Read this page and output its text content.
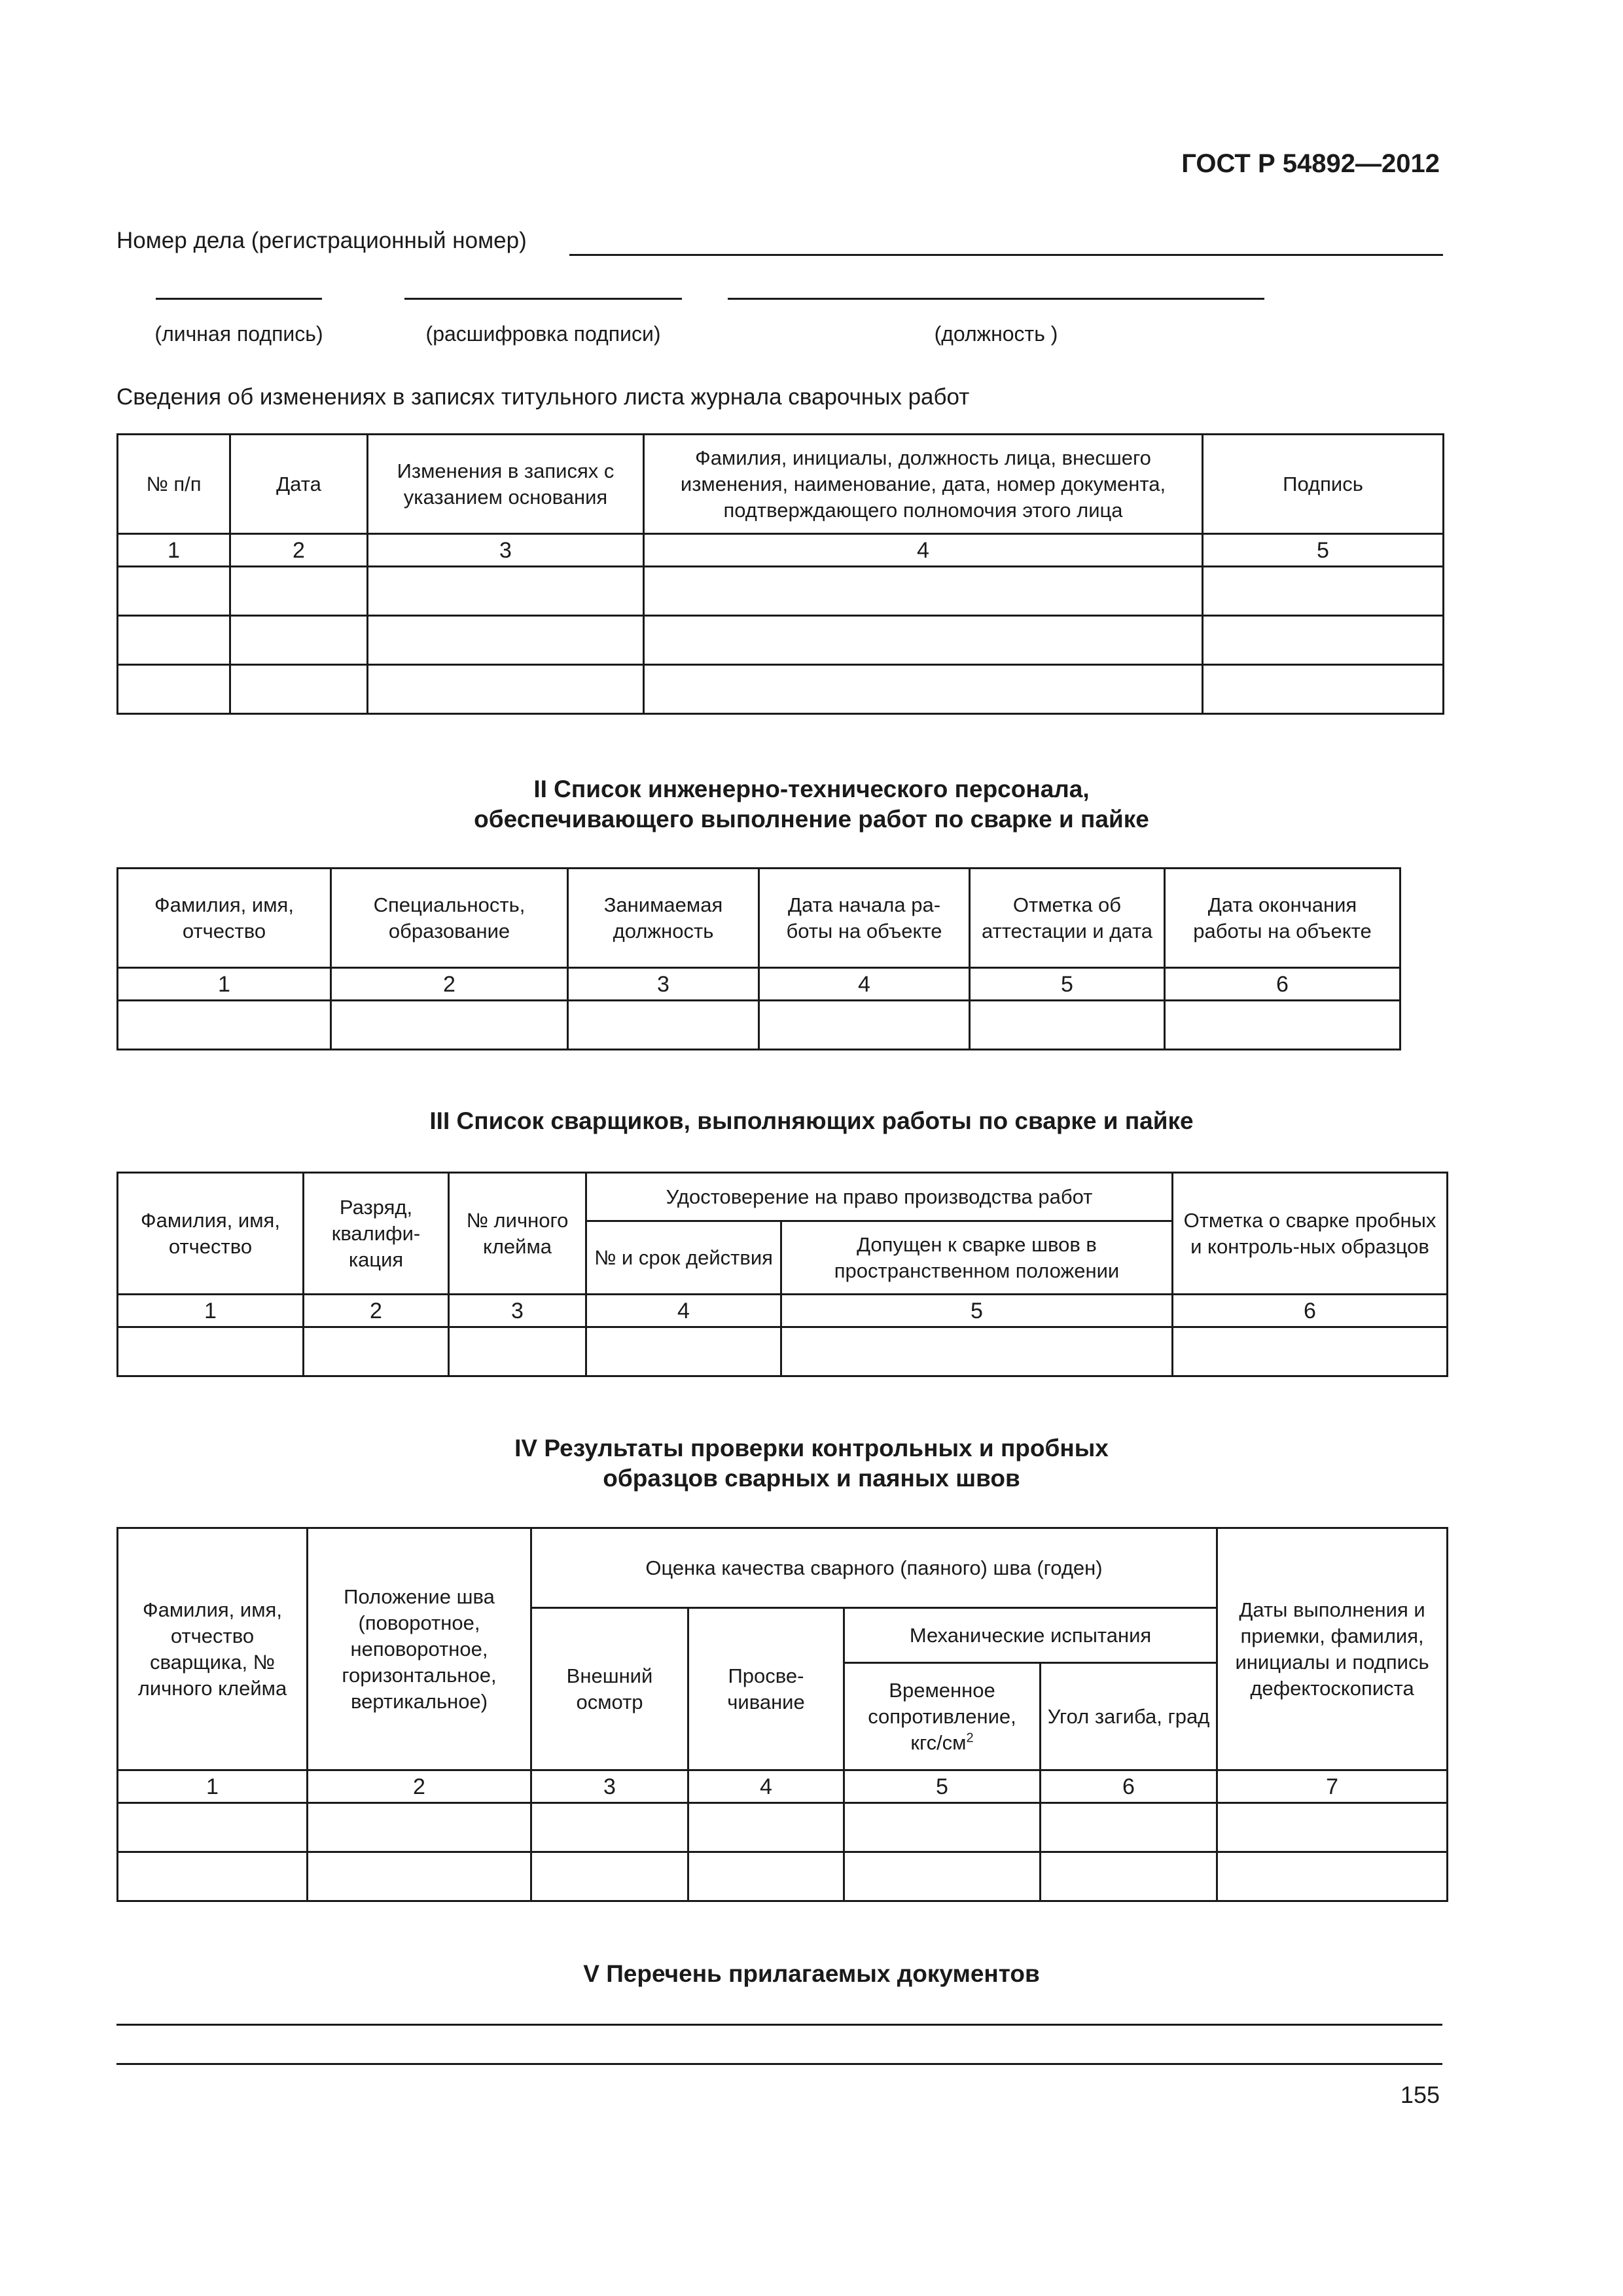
ГОСТ Р 54892—2012
Номер дела (регистрационный номер)
(личная подпись)	(расшифровка подписи)	(должность )
Сведения об изменениях в записях титульного листа журнала сварочных работ
№ п/п	Дата	Изменения в записях с указанием основания	Фамилия, инициалы, должность лица, внесшего изменения, наименование, дата, номер документа, подтверждающего полномочия этого лица	Подпись
1	2	3	4	5

II Список инженерно-технического персонала,
обеспечивающего выполнение работ по сварке и пайке
Фамилия, имя, отчество	Специальность, образование	Занимаемая должность	Дата начала ра-боты на объекте	Отметка об аттестации и дата	Дата окончания работы на объекте
1	2	3	4	5	6

III Список сварщиков, выполняющих работы по сварке и пайке
Фамилия, имя, отчество	Разряд, квалифи-кация	№ личного клейма	Удостоверение на право производства работ		Отметка о сварке пробных и контроль-ных образцов
			№ и срок действия	Допущен к сварке швов в пространственном положении	
1	2	3	4	5	6

IV Результаты проверки контрольных и пробных
образцов сварных и паяных швов
Фамилия, имя, отчество сварщика, № личного клейма	Положение шва (поворотное, неповоротное, горизонтальное, вертикальное)	Оценка качества сварного (паяного) шва (годен)				Даты выполнения и приемки, фамилия, инициалы и подпись дефектоскописта
		Внешний осмотр	Просве-чивание	Механические испытания		
				Временное сопротивление, кгс/$см^2$	Угол загиба, град	
1	2	3	4	5	6	7

V Перечень прилагаемых документов
155
